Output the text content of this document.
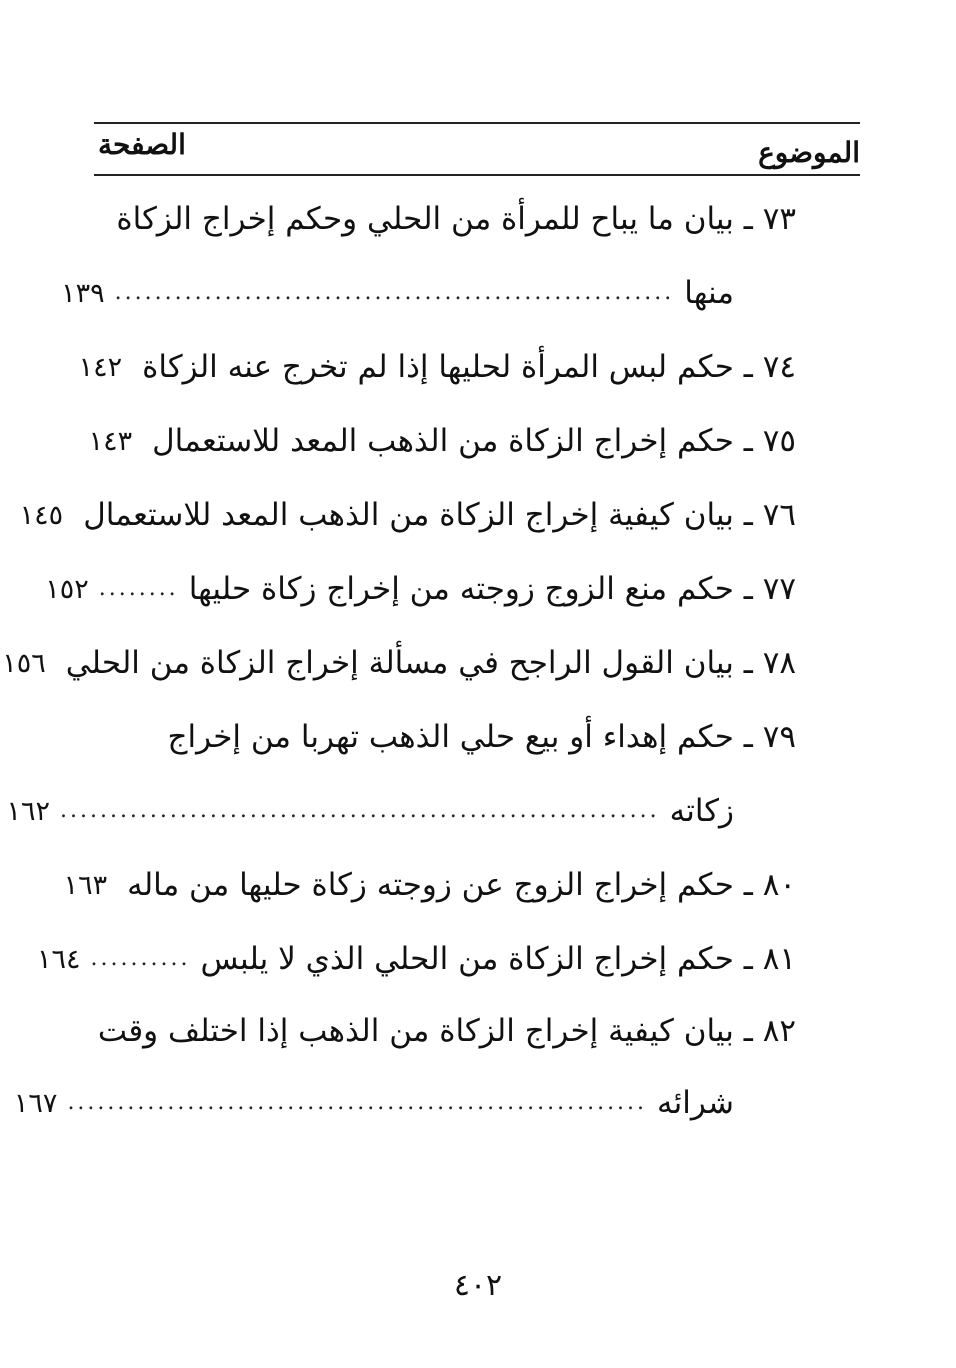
الموضوع
الصفحة
٧٣ ـ بيان ما يباح للمرأة من الحلي وحكم إخراج الزكاة
منها
........................................................
١٣٩
٧٤ ـ حكم لبس المرأة لحليها إذا لم تخرج عنه الزكاة
١٤٢
٧٥ ـ حكم إخراج الزكاة من الذهب المعد للاستعمال
١٤٣
٧٦ ـ بيان كيفية إخراج الزكاة من الذهب المعد للاستعمال
١٤٥
٧٧ ـ حكم منع الزوج زوجته من إخراج زكاة حليها
........
١٥٢
٧٨ ـ بيان القول الراجح في مسألة إخراج الزكاة من الحلي
١٥٦
٧٩ ـ حكم إهداء أو بيع حلي الذهب تهربا من إخراج
زكاته
............................................................
١٦٢
٨٠ ـ حكم إخراج الزوج عن زوجته زكاة حليها من ماله
١٦٣
٨١ ـ حكم إخراج الزكاة من الحلي الذي لا يلبس
..........
١٦٤
٨٢ ـ بيان كيفية إخراج الزكاة من الذهب إذا اختلف وقت
شرائه
..........................................................
١٦٧
٤٠٢
